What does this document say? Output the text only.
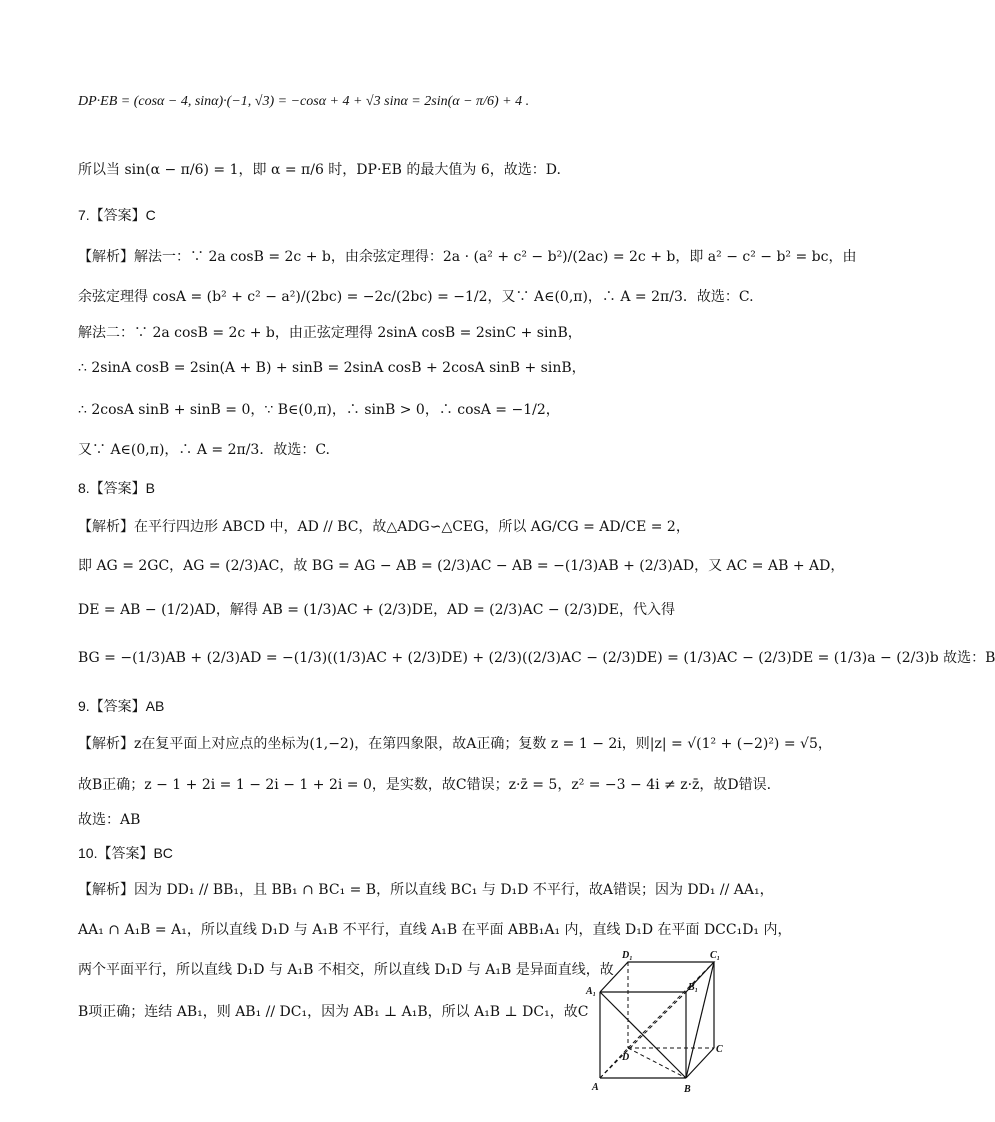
DP·EB = (cosα − 4, sinα)·(−1, √3) = −cosα + 4 + √3 sinα = 2sin(α − π/6) + 4 .
所以当 sin(α − π/6) = 1，即 α = π/6 时，DP·EB 的最大值为 6，故选：D.
7.【答案】C
【解析】解法一：∵ 2a cosB = 2c + b，由余弦定理得：2a · (a² + c² − b²)/(2ac) = 2c + b，即 a² − c² − b² = bc，由
余弦定理得 cosA = (b² + c² − a²)/(2bc) = −2c/(2bc) = −1/2，又∵ A∈(0,π)，∴ A = 2π/3．故选：C.
解法二：∵ 2a cosB = 2c + b，由正弦定理得 2sinA cosB = 2sinC + sinB，
∴ 2sinA cosB = 2sin(A + B) + sinB = 2sinA cosB + 2cosA sinB + sinB，
∴ 2cosA sinB + sinB = 0，∵ B∈(0,π)，∴ sinB > 0，∴ cosA = −1/2，
又∵ A∈(0,π)，∴ A = 2π/3．故选：C.
8.【答案】B
【解析】在平行四边形 ABCD 中，AD // BC，故△ADG∽△CEG，所以 AG/CG = AD/CE = 2，
即 AG = 2GC，AG = (2/3)AC，故 BG = AG − AB = (2/3)AC − AB = −(1/3)AB + (2/3)AD，又 AC = AB + AD，
DE = AB − (1/2)AD，解得 AB = (1/3)AC + (2/3)DE，AD = (2/3)AC − (2/3)DE，代入得
BG = −(1/3)AB + (2/3)AD = −(1/3)((1/3)AC + (2/3)DE) + (2/3)((2/3)AC − (2/3)DE) = (1/3)AC − (2/3)DE = (1/3)a − (2/3)b 故选：B
9.【答案】AB
【解析】z在复平面上对应点的坐标为(1,−2)，在第四象限，故A正确；复数 z = 1 − 2i，则|z| = √(1² + (−2)²) = √5，
故B正确；z − 1 + 2i = 1 − 2i − 1 + 2i = 0，是实数，故C错误；z·z̄ = 5，z² = −3 − 4i ≠ z·z̄，故D错误.
故选：AB
10.【答案】BC
【解析】因为 DD₁ // BB₁，且 BB₁ ∩ BC₁ = B，所以直线 BC₁ 与 D₁D 不平行，故A错误；因为 DD₁ // AA₁，
AA₁ ∩ A₁B = A₁，所以直线 D₁D 与 A₁B 不平行，直线 A₁B 在平面 ABB₁A₁ 内，直线 D₁D 在平面 DCC₁D₁ 内，
两个平面平行，所以直线 D₁D 与 A₁B 不相交，所以直线 D₁D 与 A₁B 是异面直线，故
B项正确；连结 AB₁，则 AB₁ // DC₁，因为 AB₁ ⊥ A₁B，所以 A₁B ⊥ DC₁，故C
D₁	C₁
A₁	B₁
D
C
A	B
